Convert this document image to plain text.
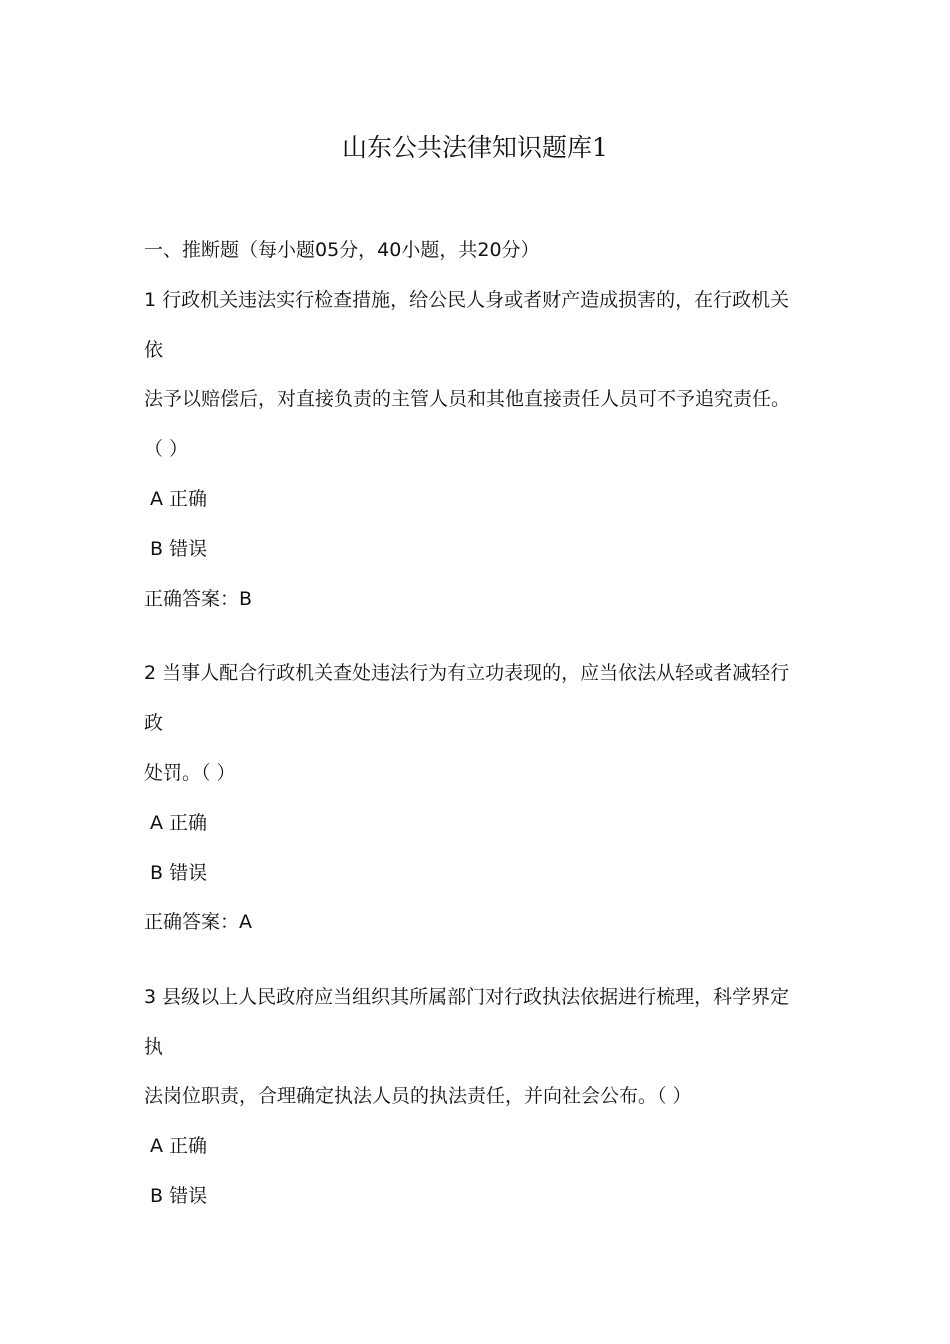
山东公共法律知识题库1
一、推断题（每小题05分，40小题，共20分）
1 行政机关违法实行检查措施，给公民人身或者财产造成损害的，在行政机关
依
法予以赔偿后，对直接负责的主管人员和其他直接责任人员可不予追究责任。
（ ）
A 正确
B 错误
正确答案：B
2 当事人配合行政机关查处违法行为有立功表现的，应当依法从轻或者减轻行
政
处罚。（ ）
A 正确
B 错误
正确答案：A
3 县级以上人民政府应当组织其所属部门对行政执法依据进行梳理，科学界定
执
法岗位职责，合理确定执法人员的执法责任，并向社会公布。（ ）
A 正确
B 错误
